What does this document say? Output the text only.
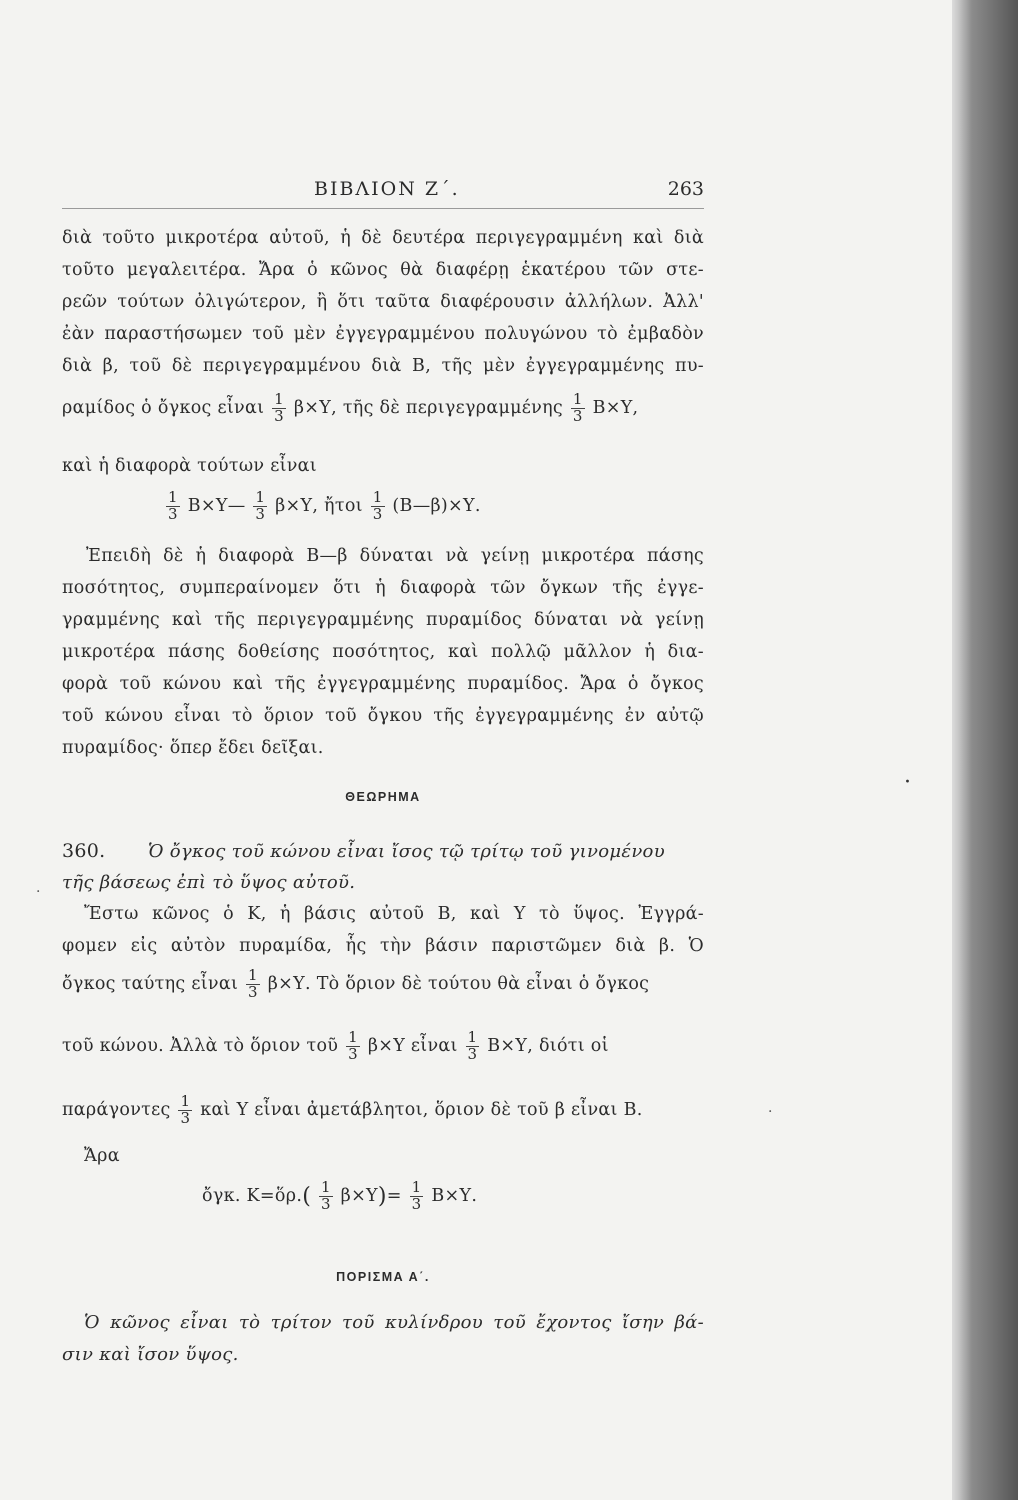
ΒΙΒΛΙΟΝ Ζ΄.	263
διὰ τοῦτο μικροτέρα αὐτοῦ, ἡ δὲ δευτέρα περιγεγραμμένη καὶ διὰ
τοῦτο μεγαλειτέρα. Ἄρα ὁ κῶνος θὰ διαφέρῃ ἑκατέρου τῶν στε-
ρεῶν τούτων ὀλιγώτερον, ἢ ὅτι ταῦτα διαφέρουσιν ἀλλήλων. Ἀλλ'
ἐὰν παραστήσωμεν τοῦ μὲν ἐγγεγραμμένου πολυγώνου τὸ ἐμβαδὸν
διὰ β, τοῦ δὲ περιγεγραμμένου διὰ Β, τῆς μὲν ἐγγεγραμμένης πυ-
ραμίδος ὁ ὄγκος εἶναι $\frac{1}{3} \beta\times\Upsilon$, τῆς δὲ περιγεγραμμένης $\frac{1}{3} B\times\Upsilon$,
καὶ ἡ διαφορὰ τούτων εἶναι
$\frac{1}{3}$ Β×Υ— $\frac{1}{3} \beta\times\Upsilon$, ἤτοι $\frac{1}{3}$ (Β—β)×Υ.
Ἐπειδὴ δὲ ἡ διαφορὰ Β—β δύναται νὰ γείνῃ μικροτέρα πάσης
ποσότητος, συμπεραίνομεν ὅτι ἡ διαφορὰ τῶν ὄγκων τῆς ἐγγε-
γραμμένης καὶ τῆς περιγεγραμμένης πυραμίδος δύναται νὰ γείνῃ
μικροτέρα πάσης δοθείσης ποσότητος, καὶ πολλῷ μᾶλλον ἡ δια-
φορὰ τοῦ κώνου καὶ τῆς ἐγγεγραμμένης πυραμίδος. Ἄρα ὁ ὄγκος
τοῦ κώνου εἶναι τὸ ὅριον τοῦ ὄγκου τῆς ἐγγεγραμμένης ἐν αὐτῷ
πυραμίδος· ὅπερ ἔδει δεῖξαι.
ΘΕΩΡΗΜΑ
360. Ὁ ὄγκος τοῦ κώνου εἶναι ἴσος τῷ τρίτῳ τοῦ γινομένου
τῆς βάσεως ἐπὶ τὸ ὕψος αὐτοῦ.
Ἔστω κῶνος ὁ Κ, ἡ βάσις αὐτοῦ Β, καὶ Υ τὸ ὕψος. Ἐγγρά-
φομεν εἰς αὐτὸν πυραμίδα, ἧς τὴν βάσιν παριστῶμεν διὰ β. Ὁ
ὄγκος ταύτης εἶναι $\frac{1}{3} \beta\times\Upsilon$. Τὸ ὅριον δὲ τούτου θὰ εἶναι ὁ ὄγκος
τοῦ κώνου. Ἀλλὰ τὸ ὅριον τοῦ $\frac{1}{3} \beta\times\Upsilon$ εἶναι $\frac{1}{3} B\times\Upsilon$, διότι οἱ
παράγοντες $\frac{1}{3}$ καὶ Υ εἶναι ἀμετάβλητοι, ὅριον δὲ τοῦ β εἶναι Β.
Ἄρα
ὄγκ. Κ=ὅρ.( $\frac{1}{3} \beta\times\Upsilon)= \frac{1}{3} B\times\Upsilon$.
ΠΟΡΙΣΜΑ Α΄.
Ὁ κῶνος εἶναι τὸ τρίτον τοῦ κυλίνδρου τοῦ ἔχοντος ἴσην βά-
σιν καὶ ἴσον ὕψος.
·
·
·
